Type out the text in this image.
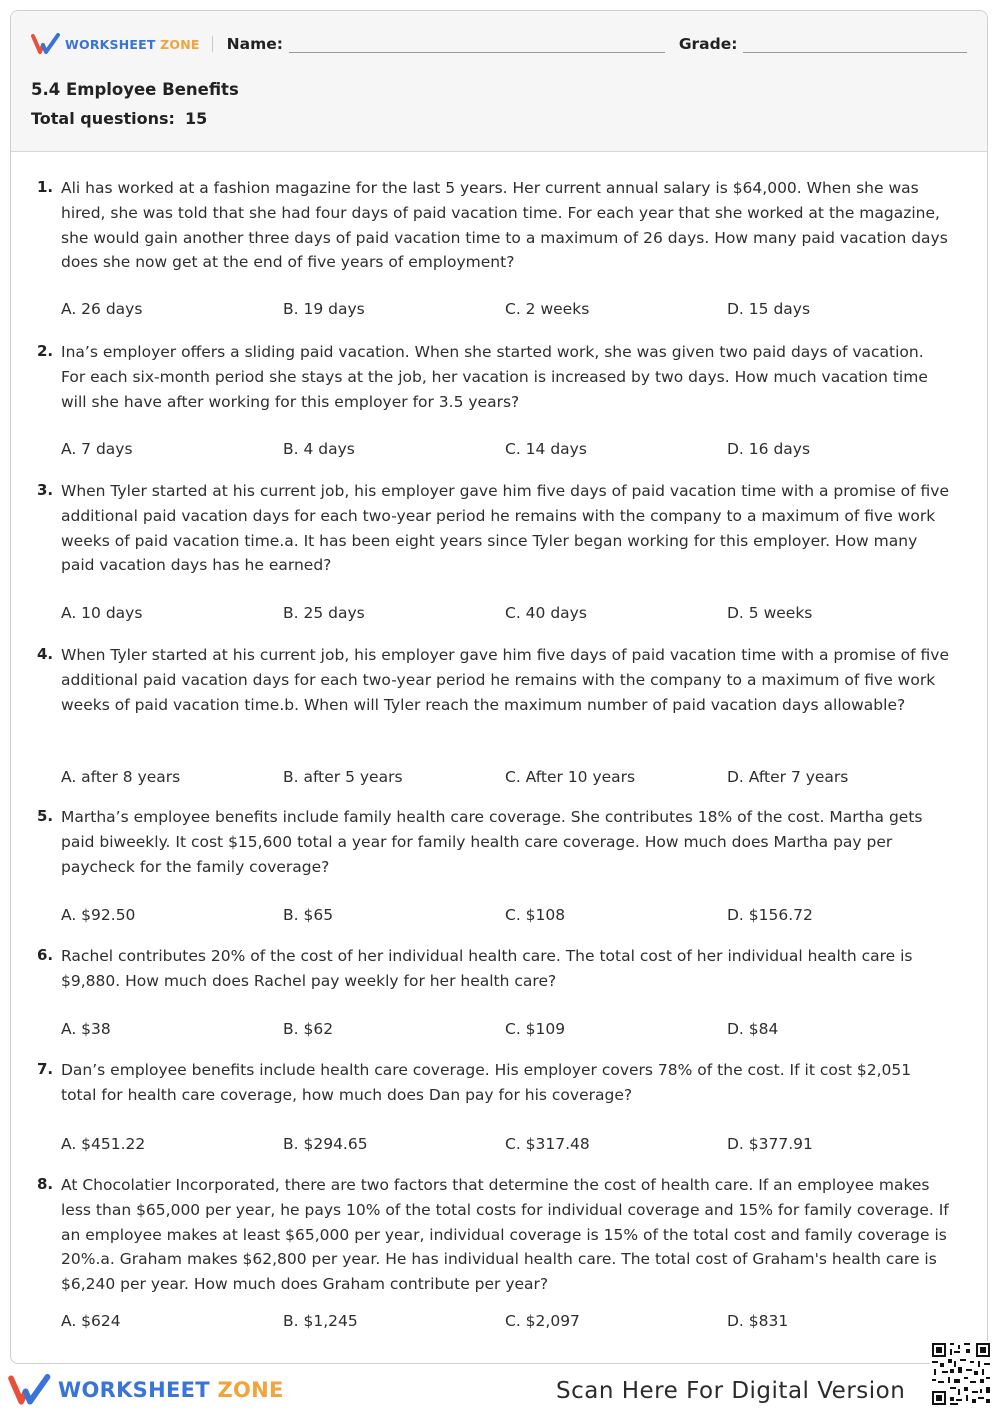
WORKSHEET ZONE Name:	Grade:
5.4 Employee Benefits
Total questions: 15
1. Ali has worked at a fashion magazine for the last 5 years. Her current annual salary is $64,000. When she was hired, she was told that she had four days of paid vacation time. For each year that she worked at the magazine, she would gain another three days of paid vacation time to a maximum of 26 days. How many paid vacation days does she now get at the end of five years of employment?
A. 26 days	B. 19 days	C. 2 weeks	D. 15 days
2. Ina’s employer offers a sliding paid vacation. When she started work, she was given two paid days of vacation. For each six-month period she stays at the job, her vacation is increased by two days. How much vacation time will she have after working for this employer for 3.5 years?
A. 7 days	B. 4 days	C. 14 days	D. 16 days
3. When Tyler started at his current job, his employer gave him five days of paid vacation time with a promise of five additional paid vacation days for each two-year period he remains with the company to a maximum of five work weeks of paid vacation time.a. It has been eight years since Tyler began working for this employer. How many paid vacation days has he earned?
A. 10 days	B. 25 days	C. 40 days	D. 5 weeks
4. When Tyler started at his current job, his employer gave him five days of paid vacation time with a promise of five additional paid vacation days for each two-year period he remains with the company to a maximum of five work weeks of paid vacation time.b. When will Tyler reach the maximum number of paid vacation days allowable?
A. after 8 years	B. after 5 years	C. After 10 years	D. After 7 years
5. Martha’s employee benefits include family health care coverage. She contributes 18% of the cost. Martha gets paid biweekly. It cost $15,600 total a year for family health care coverage. How much does Martha pay per paycheck for the family coverage?
A. $92.50	B. $65	C. $108	D. $156.72
6. Rachel contributes 20% of the cost of her individual health care. The total cost of her individual health care is $9,880. How much does Rachel pay weekly for her health care?
A. $38	B. $62	C. $109	D. $84
7. Dan’s employee benefits include health care coverage. His employer covers 78% of the cost. If it cost $2,051 total for health care coverage, how much does Dan pay for his coverage?
A. $451.22	B. $294.65	C. $317.48	D. $377.91
8. At Chocolatier Incorporated, there are two factors that determine the cost of health care. If an employee makes less than $65,000 per year, he pays 10% of the total costs for individual coverage and 15% for family coverage. If an employee makes at least $65,000 per year, individual coverage is 15% of the total cost and family coverage is 20%.a. Graham makes $62,800 per year. He has individual health care. The total cost of Graham's health care is $6,240 per year. How much does Graham contribute per year?
A. $624	B. $1,245	C. $2,097	D. $831
WORKSHEET ZONE	Scan Here For Digital Version
